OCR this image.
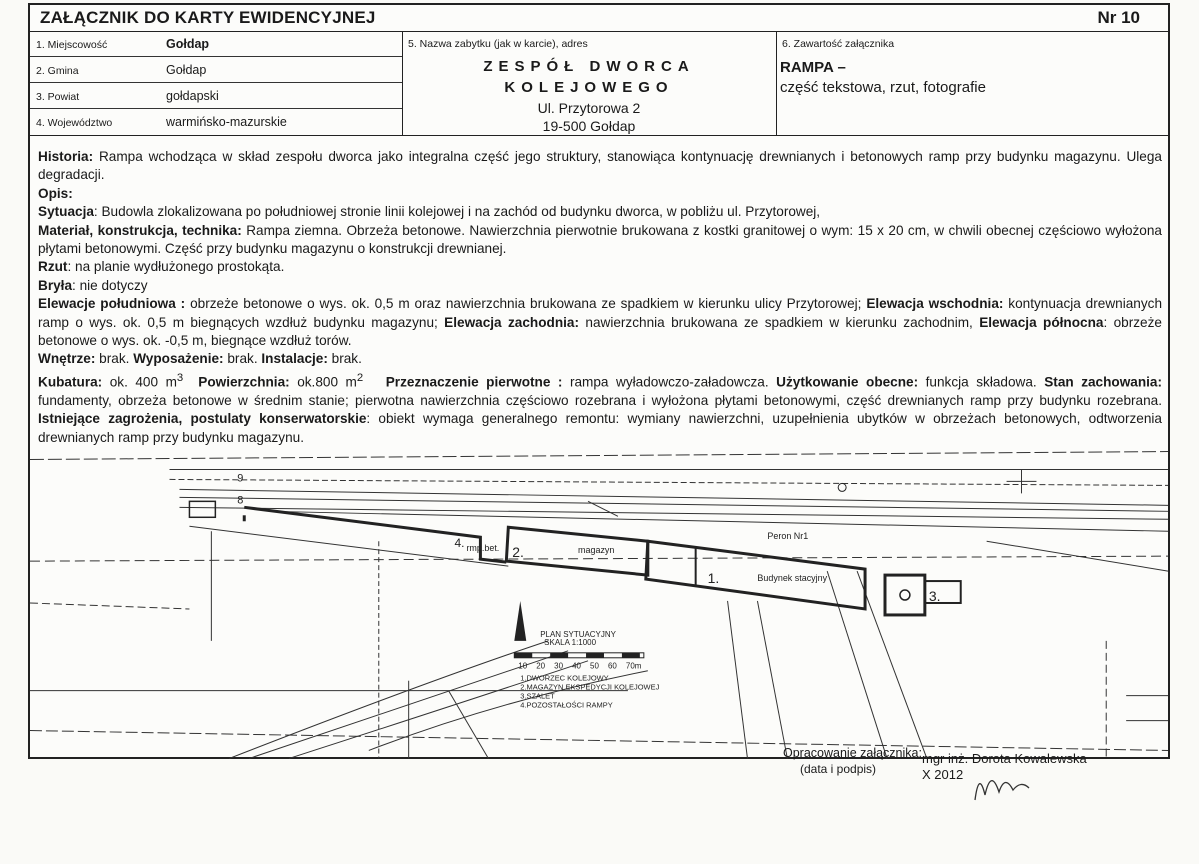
ZAŁĄCZNIK DO KARTY EWIDENCYJNEJ	Nr 10
1. Miejscowość	Gołdap
2. Gmina	Gołdap
3. Powiat	gołdapski
4. Województwo	warmińsko-mazurskie
5. Nazwa zabytku (jak w karcie), adres
ZESPÓŁ DWORCA
KOLEJOWEGO
Ul. Przytorowa 2
19-500 Gołdap
6. Zawartość załącznika
RAMPA –
część tekstowa, rzut, fotografie

Historia: Rampa wchodząca w skład zespołu dworca jako integralna część jego struktury, stanowiąca kontynuację drewnianych i betonowych ramp przy budynku magazynu. Ulega degradacji.

Opis:

Sytuacja: Budowla zlokalizowana po południowej stronie linii kolejowej i na zachód od budynku dworca, w pobliżu ul. Przytorowej,

Materiał, konstrukcja, technika: Rampa ziemna. Obrzeża betonowe. Nawierzchnia pierwotnie brukowana z kostki granitowej o wym: 15 x 20 cm, w chwili obecnej częściowo wyłożona płytami betonowymi. Część przy budynku magazynu o konstrukcji drewnianej.

Rzut: na planie wydłużonego prostokąta.

Bryła: nie dotyczy

Elewacje południowa : obrzeże betonowe o wys. ok. 0,5 m oraz nawierzchnia brukowana ze spadkiem w kierunku ulicy Przytorowej; Elewacja wschodnia: kontynuacja drewnianych ramp o wys. ok. 0,5 m biegnących wzdłuż budynku magazynu; Elewacja zachodnia: nawierzchnia brukowana ze spadkiem w kierunku zachodnim, Elewacja północna: obrzeże betonowe o wys. ok. -0,5 m, biegnące wzdłuż torów.

Wnętrze: brak. Wyposażenie: brak. Instalacje: brak.

Kubatura: ok. 400 $m^3$ Powierzchnia: ok.800 $m^2$ Przeznaczenie pierwotne : rampa wyładowczo-załadowcza. Użytkowanie obecne: funkcja składowa. Stan zachowania: fundamenty, obrzeża betonowe w średnim stanie; pierwotna nawierzchnia częściowo rozebrana i wyłożona płytami betonowymi, część drewnianych ramp przy budynku rozebrana. Istniejące zagrożenia, postulaty konserwatorskie: obiekt wymaga generalnego remontu: wymiany nawierzchni, uzupełnienia ubytków w obrzeżach betonowych, odtworzenia drewnianych ramp przy budynku magazynu.

9
8
4. rmp.bet. 2.	magazyn
1.	Budynek stacyjny
Peron Nr1
3.
PLAN SYTUACYJNY
SKALA 1:1000
10 20 30 40 50 60 70m
1.DWORZEC KOLEJOWY
2.MAGAZYN EKSPEDYCJI KOLEJOWEJ
3.SZALET
4.POZOSTAŁOŚCI RAMPY
Opracowanie załącznika:
(data i podpis)
mgr inż. Dorota Kowalewska
X 2012
